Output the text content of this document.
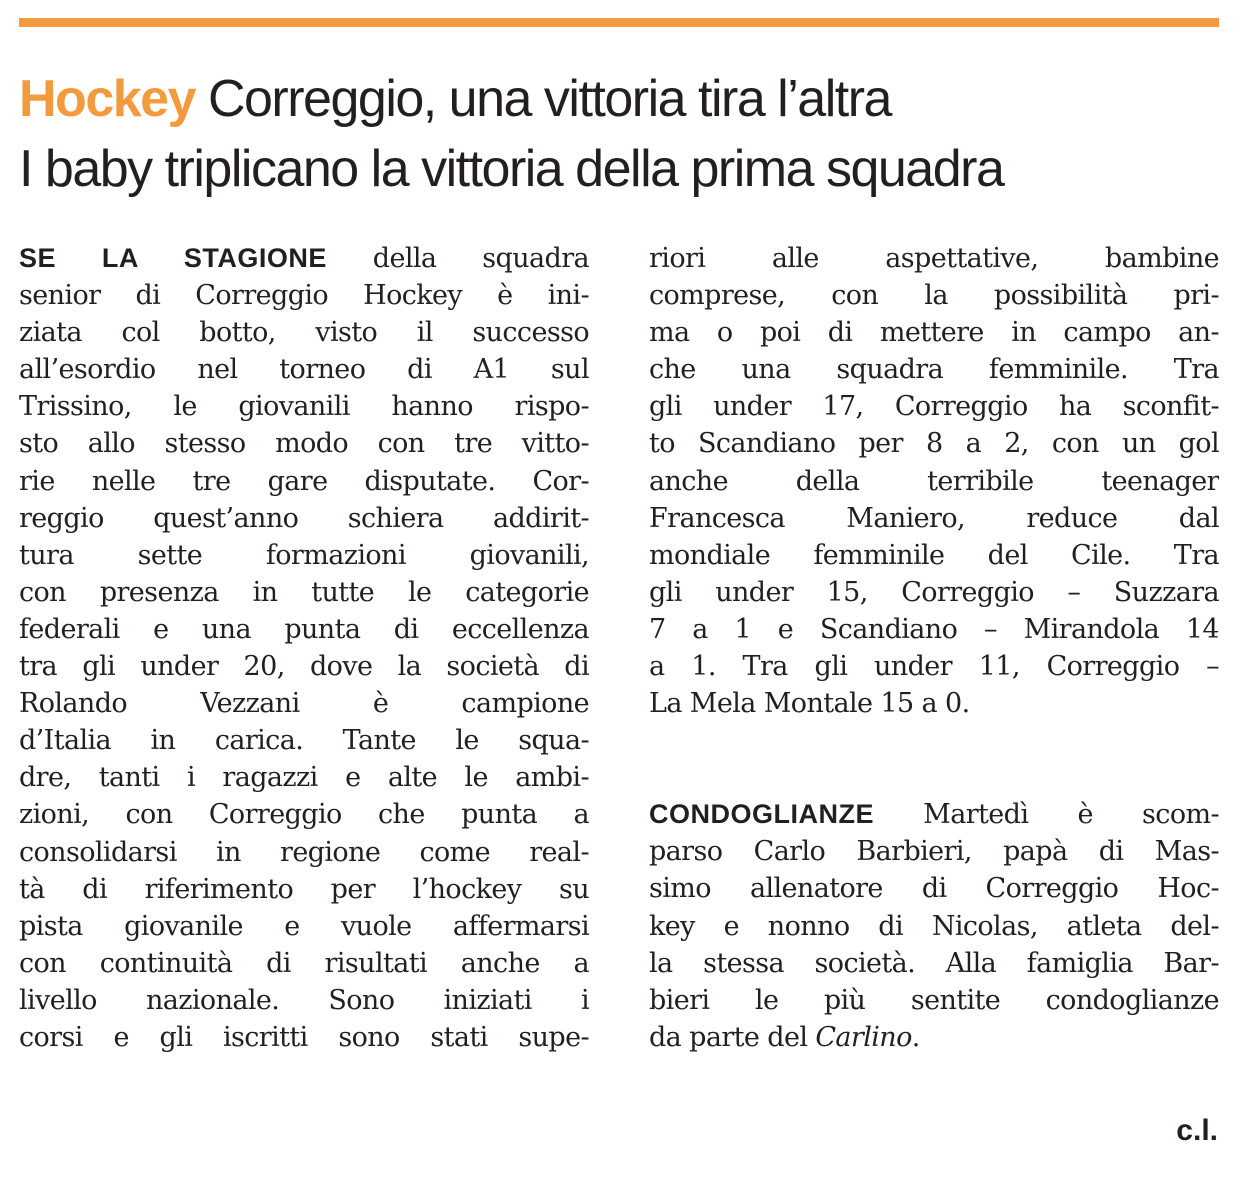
Hockey Correggio, una vittoria tira l’altra
I baby triplicano la vittoria della prima squadra
SE LA STAGIONE della squadra
senior di Correggio Hockey è ini-
ziata col botto, visto il successo
all’esordio nel torneo di A1 sul
Trissino, le giovanili hanno rispo-
sto allo stesso modo con tre vitto-
rie nelle tre gare disputate. Cor-
reggio quest’anno schiera addirit-
tura sette formazioni giovanili,
con presenza in tutte le categorie
federali e una punta di eccellenza
tra gli under 20, dove la società di
Rolando Vezzani è campione
d’Italia in carica. Tante le squa-
dre, tanti i ragazzi e alte le ambi-
zioni, con Correggio che punta a
consolidarsi in regione come real-
tà di riferimento per l’hockey su
pista giovanile e vuole affermarsi
con continuità di risultati anche a
livello nazionale. Sono iniziati i
corsi e gli iscritti sono stati supe-
riori alle aspettative, bambine
comprese, con la possibilità pri-
ma o poi di mettere in campo an-
che una squadra femminile. Tra
gli under 17, Correggio ha sconfit-
to Scandiano per 8 a 2, con un gol
anche della terribile teenager
Francesca Maniero, reduce dal
mondiale femminile del Cile. Tra
gli under 15, Correggio – Suzzara
7 a 1 e Scandiano – Mirandola 14
a 1. Tra gli under 11, Correggio –
La Mela Montale 15 a 0.
CONDOGLIANZE Martedì è scom-
parso Carlo Barbieri, papà di Mas-
simo allenatore di Correggio Hoc-
key e nonno di Nicolas, atleta del-
la stessa società. Alla famiglia Bar-
bieri le più sentite condoglianze
da parte del Carlino.
c.l.
